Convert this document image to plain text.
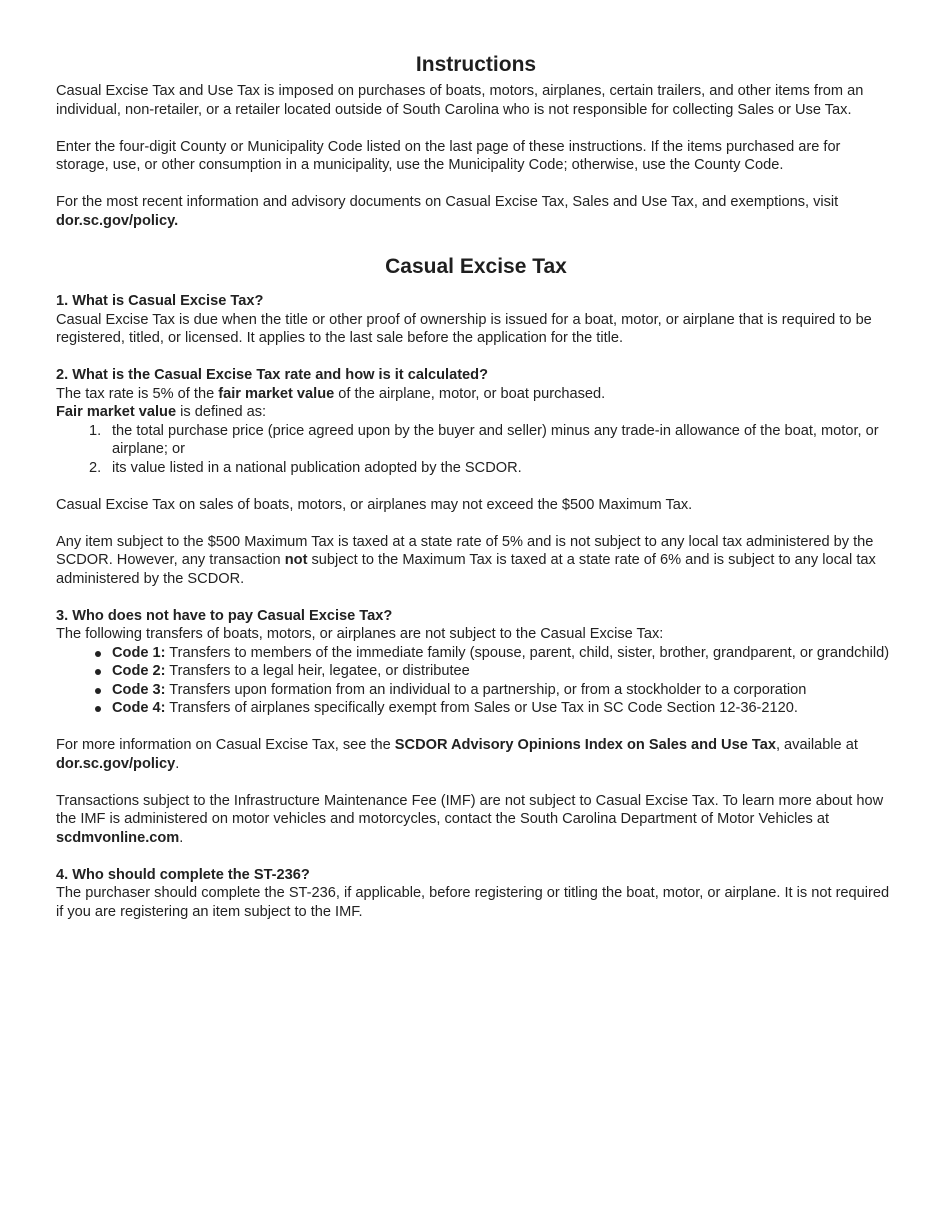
Instructions

Casual Excise Tax and Use Tax is imposed on purchases of boats, motors, airplanes, certain trailers, and other items from an individual, non-retailer, or a retailer located outside of South Carolina who is not responsible for collecting Sales or Use Tax.

Enter the four-digit County or Municipality Code listed on the last page of these instructions. If the items purchased are for storage, use, or other consumption in a municipality, use the Municipality Code; otherwise, use the County Code.

For the most recent information and advisory documents on Casual Excise Tax, Sales and Use Tax, and exemptions, visit dor.sc.gov/policy.

Casual Excise Tax

1. What is Casual Excise Tax?

Casual Excise Tax is due when the title or other proof of ownership is issued for a boat, motor, or airplane that is required to be registered, titled, or licensed. It applies to the last sale before the application for the title.

2. What is the Casual Excise Tax rate and how is it calculated?

The tax rate is 5% of the fair market value of the airplane, motor, or boat purchased.

Fair market value is defined as:

1. the total purchase price (price agreed upon by the buyer and seller) minus any trade-in allowance of the boat, motor, or airplane; or
2. its value listed in a national publication adopted by the SCDOR.

Casual Excise Tax on sales of boats, motors, or airplanes may not exceed the $500 Maximum Tax.

Any item subject to the $500 Maximum Tax is taxed at a state rate of 5% and is not subject to any local tax administered by the SCDOR. However, any transaction not subject to the Maximum Tax is taxed at a state rate of 6% and is subject to any local tax administered by the SCDOR.

3. Who does not have to pay Casual Excise Tax?

The following transfers of boats, motors, or airplanes are not subject to the Casual Excise Tax:

Code 1: Transfers to members of the immediate family (spouse, parent, child, sister, brother, grandparent, or grandchild)
Code 2: Transfers to a legal heir, legatee, or distributee
Code 3: Transfers upon formation from an individual to a partnership, or from a stockholder to a corporation
Code 4: Transfers of airplanes specifically exempt from Sales or Use Tax in SC Code Section 12-36-2120.

For more information on Casual Excise Tax, see the SCDOR Advisory Opinions Index on Sales and Use Tax, available at dor.sc.gov/policy.

Transactions subject to the Infrastructure Maintenance Fee (IMF) are not subject to Casual Excise Tax. To learn more about how the IMF is administered on motor vehicles and motorcycles, contact the South Carolina Department of Motor Vehicles at scdmvonline.com.

4. Who should complete the ST-236?

The purchaser should complete the ST-236, if applicable, before registering or titling the boat, motor, or airplane. It is not required if you are registering an item subject to the IMF.
